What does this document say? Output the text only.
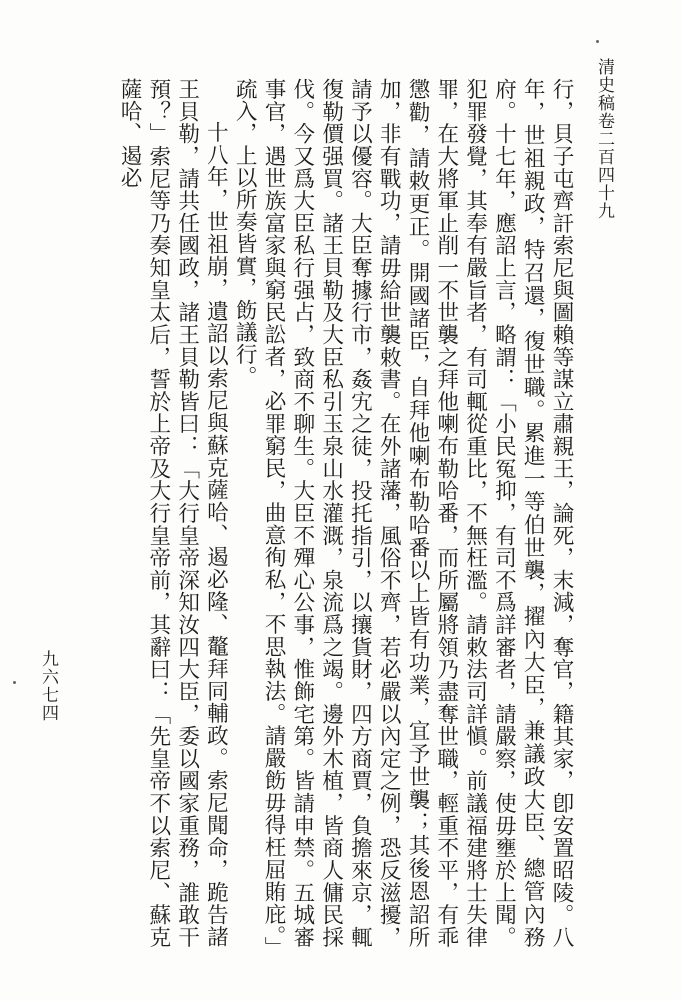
清史稿卷二百四十九
九六七四	行，貝子屯齊訐索尼與圖賴等謀立肅親王，論死，末減，奪官，籍其家，卽安置昭陵。八年，世祖親政，特召還，復世職。累進一等伯世襲，擢內大臣，兼議政大臣、總管內務府。十七年，應詔上言，略謂：「小民冤抑，有司不爲詳審者，請嚴察，使毋壅於上聞。犯罪發覺，其奉有嚴旨者，有司輒從重比，不無枉濫。請敕法司詳愼。前議福建將士失律罪，在大將軍止削一不世襲之拜他喇布勒哈番，而所屬將領乃盡奪世職，輕重不平，有乖懲勸，請敕更正。開國諸臣，自拜他喇布勒哈番以上皆有功業，宜予世襲；其後恩詔所加，非有戰功，請毋給世襲敕書。在外諸藩，風俗不齊，若必嚴以內定之例，恐反滋擾，請予以優容。大臣奪據行市，姦宄之徒，投托指引，以攘貨財，四方商賈，負擔來京，輒復勒價强買。諸王貝勒及大臣私引玉泉山水灌溉，泉流爲之竭。邊外木植，皆商人傭民採伐。今又爲大臣私行强占，致商不聊生。大臣不殫心公事，惟飾宅第。皆請申禁。五城審事官，遇世族富家與窮民訟者，必罪窮民，曲意徇私，不思執法。請嚴飭毋得枉屈賄庇。」疏入，上以所奏皆實，飭議行。

十八年，世祖崩，遺詔以索尼與蘇克薩哈、遏必隆、鼇拜同輔政。索尼聞命，跪告諸王貝勒，請共任國政，諸王貝勒皆曰：「大行皇帝深知汝四大臣，委以國家重務，誰敢干預？」索尼等乃奏知皇太后，誓於上帝及大行皇帝前，其辭曰：「先皇帝不以索尼、蘇克薩哈、遏必
